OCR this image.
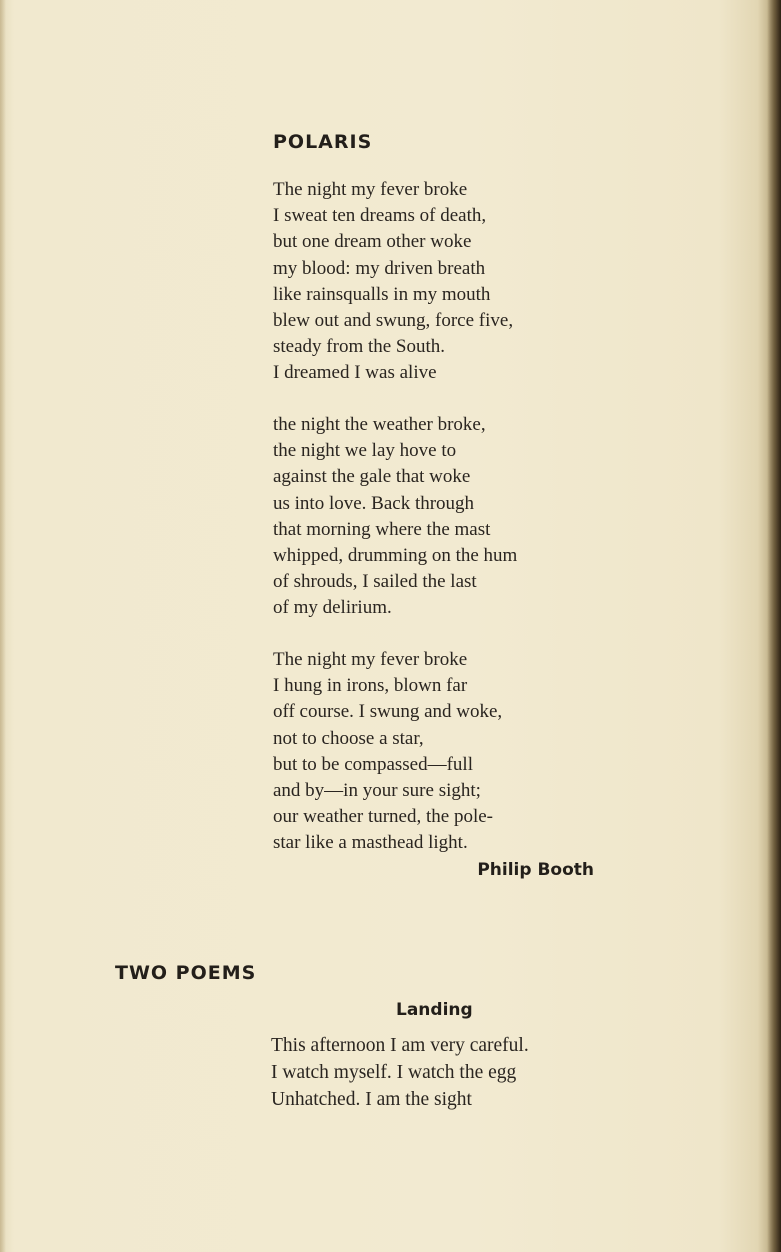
POLARIS

The night my fever broke
I sweat ten dreams of death,
but one dream other woke
my blood: my driven breath
like rainsqualls in my mouth
blew out and swung, force five,
steady from the South.
I dreamed I was alive

the night the weather broke,
the night we lay hove to
against the gale that woke
us into love. Back through
that morning where the mast
whipped, drumming on the hum
of shrouds, I sailed the last
of my delirium.

The night my fever broke
I hung in irons, blown far
off course. I swung and woke,
not to choose a star,
but to be compassed—full
and by—in your sure sight;
our weather turned, the pole-
star like a masthead light.

Philip Booth

TWO POEMS
Landing

This afternoon I am very careful.
I watch myself. I watch the egg
Unhatched. I am the sight
